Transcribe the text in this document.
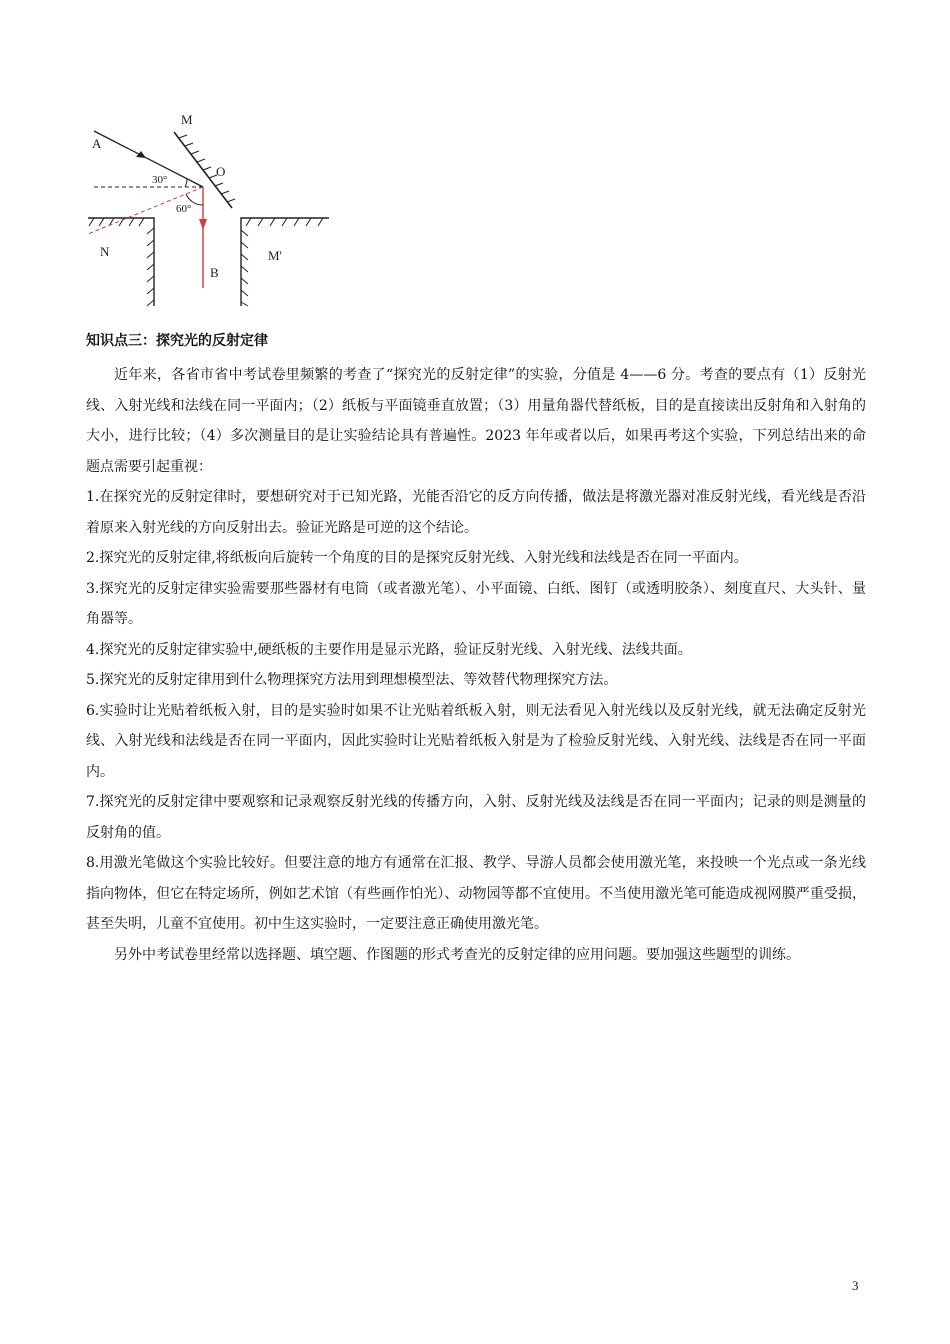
A
M
O
30°
60°
N
B
M'
知识点三：探究光的反射定律

近年来，各省市省中考试卷里频繁的考查了“探究光的反射定律”的实验，分值是 4——6 分。考查的要点有（1）反射光线、入射光线和法线在同一平面内；（2）纸板与平面镜垂直放置；（3）用量角器代替纸板，目的是直接读出反射角和入射角的大小，进行比较；（4）多次测量目的是让实验结论具有普遍性。2023 年年或者以后，如果再考这个实验，下列总结出来的命题点需要引起重视：

1.在探究光的反射定律时，要想研究对于已知光路，光能否沿它的反方向传播，做法是将激光器对准反射光线，看光线是否沿着原来入射光线的方向反射出去。验证光路是可逆的这个结论。

2.探究光的反射定律,将纸板向后旋转一个角度的目的是探究反射光线、入射光线和法线是否在同一平面内。

3.探究光的反射定律实验需要那些器材有电筒（或者激光笔）、小平面镜、白纸、图钉（或透明胶条）、刻度直尺、大头针、量角器等。

4.探究光的反射定律实验中,硬纸板的主要作用是显示光路，验证反射光线、入射光线、法线共面。

5.探究光的反射定律用到什么物理探究方法用到理想模型法、等效替代物理探究方法。

6.实验时让光贴着纸板入射，目的是实验时如果不让光贴着纸板入射，则无法看见入射光线以及反射光线，就无法确定反射光线、入射光线和法线是否在同一平面内，因此实验时让光贴着纸板入射是为了检验反射光线、入射光线、法线是否在同一平面内。

7.探究光的反射定律中要观察和记录观察反射光线的传播方向，入射、反射光线及法线是否在同一平面内；记录的则是测量的反射角的值。

8.用激光笔做这个实验比较好。但要注意的地方有通常在汇报、教学、导游人员都会使用激光笔，来投映一个光点或一条光线指向物体，但它在特定场所，例如艺术馆（有些画作怕光）、动物园等都不宜使用。不当使用激光笔可能造成视网膜严重受损，甚至失明，儿童不宜使用。初中生这实验时，一定要注意正确使用激光笔。

另外中考试卷里经常以选择题、填空题、作图题的形式考查光的反射定律的应用问题。要加强这些题型的训练。

3
